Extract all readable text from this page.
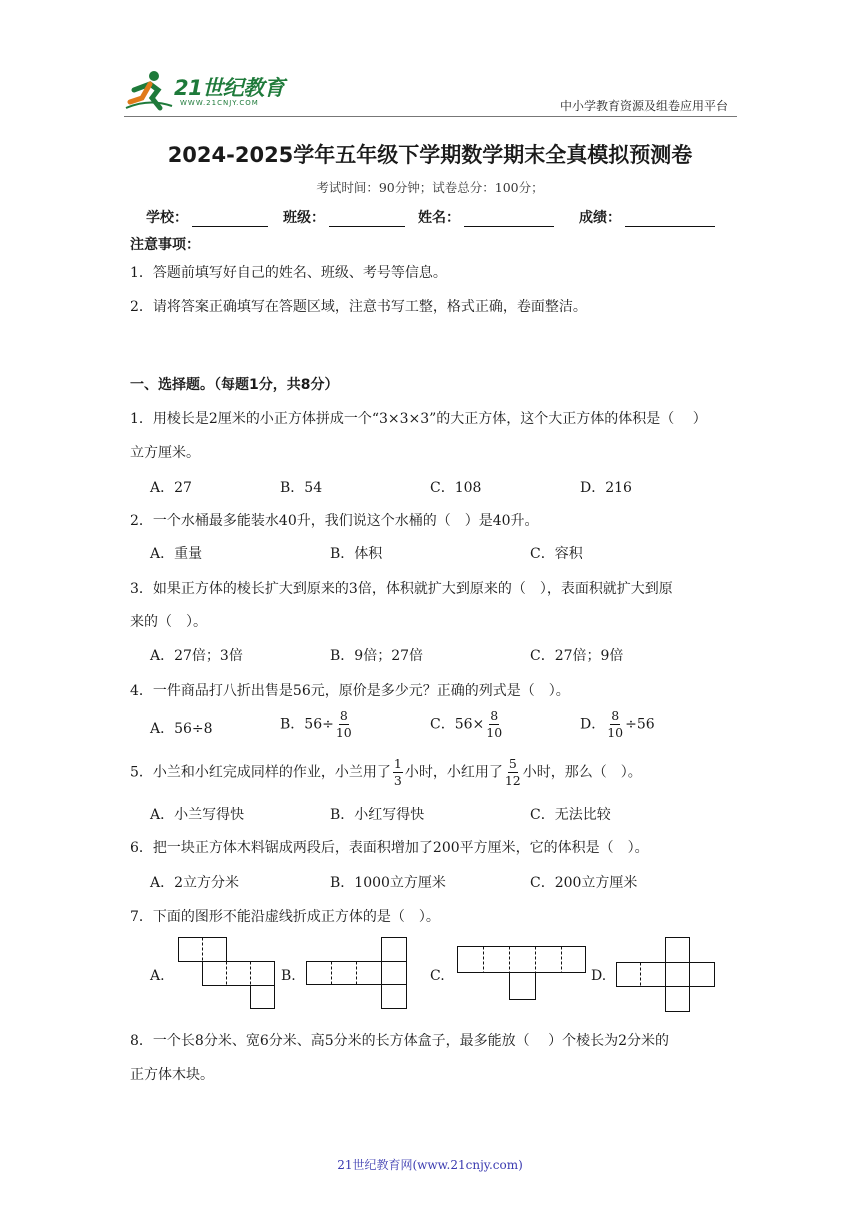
21世纪教育
WWW.21CNJY.COM	中小学教育资源及组卷应用平台
2024-2025学年五年级下学期数学期末全真模拟预测卷
考试时间：90分钟；试卷总分：100分；
学校：	班级：	姓名：	成绩：
注意事项：
1．答题前填写好自己的姓名、班级、考号等信息。
2．请将答案正确填写在答题区域，注意书写工整，格式正确，卷面整洁。
一、选择题。（每题1分，共8分）
1．用棱长是2厘米的小正方体拼成一个“3×3×3”的大正方体，这个大正方体的体积是（　 ）
立方厘米。
A．27	B．54	C．108	D．216
2．一个水桶最多能装水40升，我们说这个水桶的（　）是40升。
A．重量	B．体积	C．容积
3．如果正方体的棱长扩大到原来的3倍，体积就扩大到原来的（　），表面积就扩大到原
来的（　）。
A．27倍；3倍	B．9倍；27倍	C．27倍；9倍
4．一件商品打八折出售是56元，原价是多少元？正确的列式是（　）。
A．56÷8	B．$56\div \frac{8}{10}$	C．$56\times \frac{8}{10}$	D． $\frac{8}{10} \div 56$
5．小兰和小红完成同样的作业，小兰用了 $\frac{1}{3}$ 小时，小红用了 $\frac{5}{12}$ 小时，那么（　）。
A．小兰写得快	B．小红写得快	C．无法比较
6．把一块正方体木料锯成两段后，表面积增加了200平方厘米，它的体积是（　）。
A．2立方分米	B．1000立方厘米	C．200立方厘米
7．下面的图形不能沿虚线折成正方体的是（　）。
A.	B.	C.	D.
8．一个长8分米、宽6分米、高5分米的长方体盒子，最多能放（　 ）个棱长为2分米的
正方体木块。
21世纪教育网(www.21cnjy.com)
